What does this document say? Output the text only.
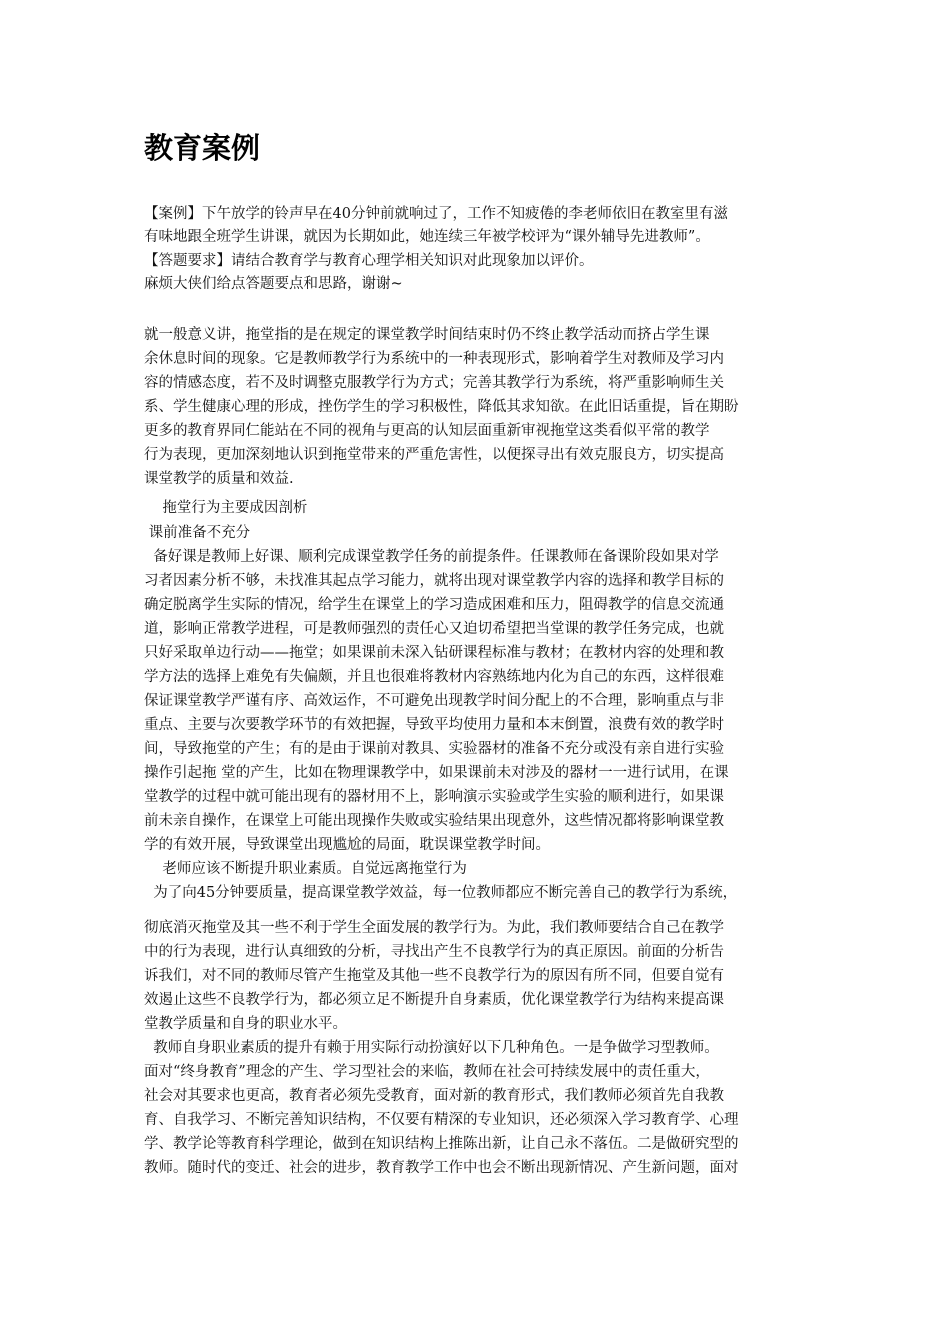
教育案例
【案例】下午放学的铃声早在40分钟前就响过了，工作不知疲倦的李老师依旧在教室里有滋
有味地跟全班学生讲课，就因为长期如此，她连续三年被学校评为“课外辅导先进教师”。
【答题要求】请结合教育学与教育心理学相关知识对此现象加以评价。
麻烦大侠们给点答题要点和思路，谢谢~
就一般意义讲，拖堂指的是在规定的课堂教学时间结束时仍不终止教学活动而挤占学生课
余休息时间的现象。它是教师教学行为系统中的一种表现形式，影响着学生对教师及学习内
容的情感态度，若不及时调整克服教学行为方式；完善其教学行为系统，将严重影响师生关
系、学生健康心理的形成，挫伤学生的学习积极性，降低其求知欲。在此旧话重提，旨在期盼
更多的教育界同仁能站在不同的视角与更高的认知层面重新审视拖堂这类看似平常的教学
行为表现，更加深刻地认识到拖堂带来的严重危害性，以便探寻出有效克服良方，切实提高
课堂教学的质量和效益.
拖堂行为主要成因剖析
课前准备不充分
备好课是教师上好课、顺利完成课堂教学任务的前提条件。任课教师在备课阶段如果对学
习者因素分析不够，未找准其起点学习能力，就将出现对课堂教学内容的选择和教学目标的
确定脱离学生实际的情况，给学生在课堂上的学习造成困难和压力，阻碍教学的信息交流通
道，影响正常教学进程，可是教师强烈的责任心又迫切希望把当堂课的教学任务完成，也就
只好采取单边行动——拖堂；如果课前未深入钻研课程标准与教材；在教材内容的处理和教
学方法的选择上难免有失偏颇，并且也很难将教材内容熟练地内化为自己的东西，这样很难
保证课堂教学严谨有序、高效运作，不可避免出现教学时间分配上的不合理，影响重点与非
重点、主要与次要教学环节的有效把握，导致平均使用力量和本末倒置，浪费有效的教学时
间，导致拖堂的产生；有的是由于课前对教具、实验器材的准备不充分或没有亲自进行实验
操作引起拖 堂的产生，比如在物理课教学中，如果课前未对涉及的器材一一进行试用，在课
堂教学的过程中就可能出现有的器材用不上，影响演示实验或学生实验的顺利进行，如果课
前未亲自操作，在课堂上可能出现操作失败或实验结果出现意外，这些情况都将影响课堂教
学的有效开展，导致课堂出现尴尬的局面，耽误课堂教学时间。
老师应该不断提升职业素质。自觉远离拖堂行为
为了向45分钟要质量，提高课堂教学效益，每一位教师都应不断完善自己的教学行为系统，
彻底消灭拖堂及其一些不利于学生全面发展的教学行为。为此，我们教师要结合自己在教学
中的行为表现，进行认真细致的分析，寻找出产生不良教学行为的真正原因。前面的分析告
诉我们，对不同的教师尽管产生拖堂及其他一些不良教学行为的原因有所不同，但要自觉有
效遏止这些不良教学行为，都必须立足不断提升自身素质，优化课堂教学行为结构来提高课
堂教学质量和自身的职业水平。
教师自身职业素质的提升有赖于用实际行动扮演好以下几种角色。一是争做学习型教师。
面对“终身教育”理念的产生、学习型社会的来临，教师在社会可持续发展中的责任重大，
社会对其要求也更高，教育者必须先受教育，面对新的教育形式，我们教师必须首先自我教
育、自我学习、不断完善知识结构，不仅要有精深的专业知识，还必须深入学习教育学、心理
学、教学论等教育科学理论，做到在知识结构上推陈出新，让自己永不落伍。二是做研究型的
教师。随时代的变迁、社会的进步，教育教学工作中也会不断出现新情况、产生新问题，面对
